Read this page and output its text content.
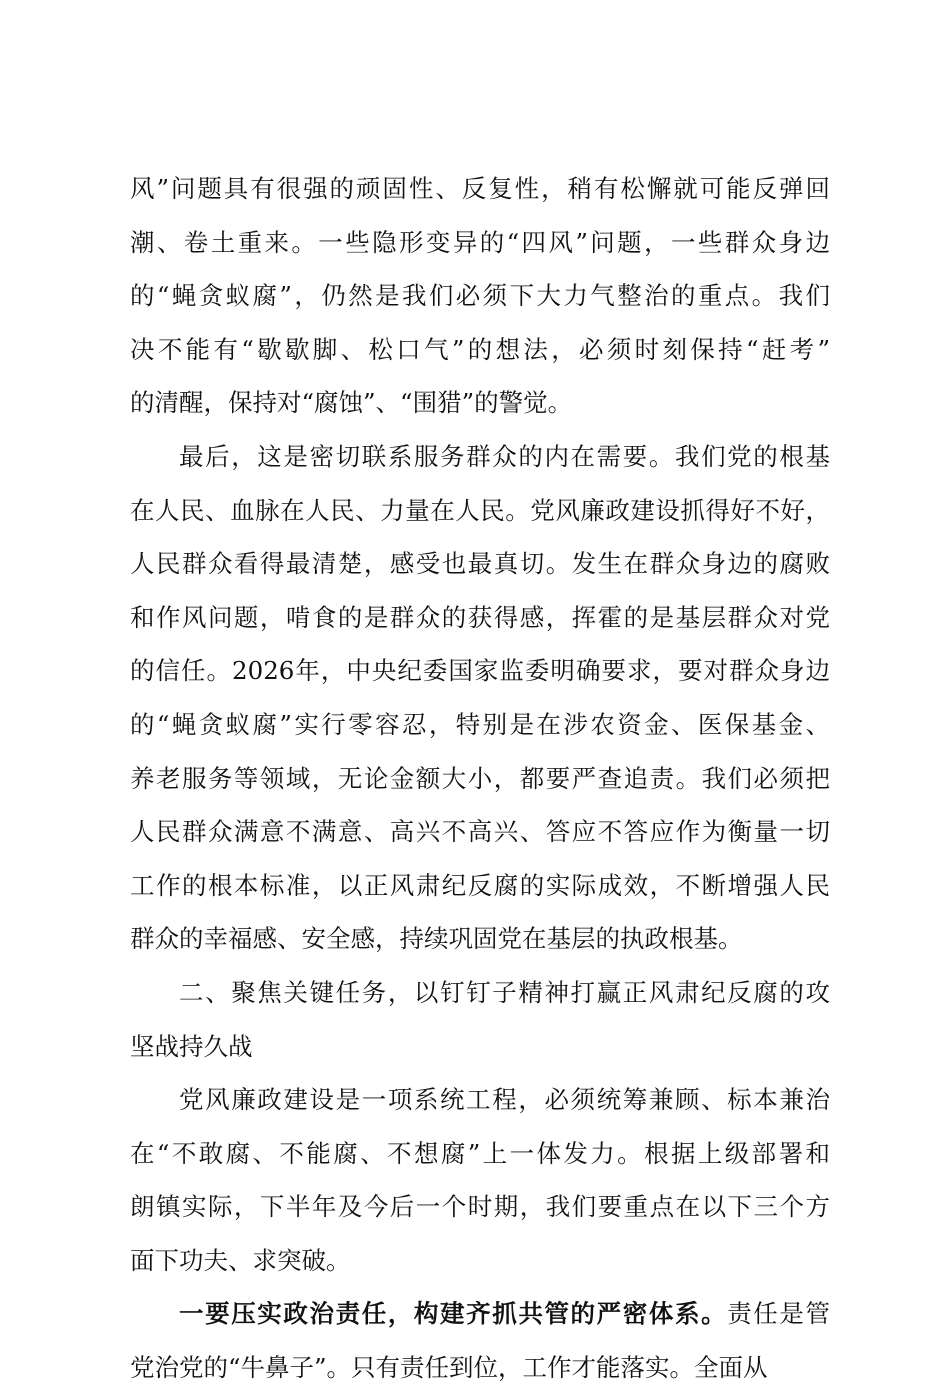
风”问题具有很强的顽固性、反复性，稍有松懈就可能反弹回
潮、卷土重来。一些隐形变异的“四风”问题，一些群众身边
的“蝇贪蚁腐”，仍然是我们必须下大力气整治的重点。我们
决不能有“歇歇脚、松口气”的想法，必须时刻保持“赶考”
的清醒，保持对“腐蚀”、“围猎”的警觉。
最后，这是密切联系服务群众的内在需要。我们党的根基
在人民、血脉在人民、力量在人民。党风廉政建设抓得好不好，
人民群众看得最清楚，感受也最真切。发生在群众身边的腐败
和作风问题，啃食的是群众的获得感，挥霍的是基层群众对党
的信任。2026年，中央纪委国家监委明确要求，要对群众身边
的“蝇贪蚁腐”实行零容忍，特别是在涉农资金、医保基金、
养老服务等领域，无论金额大小，都要严查追责。我们必须把
人民群众满意不满意、高兴不高兴、答应不答应作为衡量一切
工作的根本标准，以正风肃纪反腐的实际成效，不断增强人民
群众的幸福感、安全感，持续巩固党在基层的执政根基。
二、聚焦关键任务，以钉钉子精神打赢正风肃纪反腐的攻
坚战持久战
党风廉政建设是一项系统工程，必须统筹兼顾、标本兼治
在“不敢腐、不能腐、不想腐”上一体发力。根据上级部署和
朗镇实际，下半年及今后一个时期，我们要重点在以下三个方
面下功夫、求突破。
一要压实政治责任，构建齐抓共管的严密体系。责任是管
党治党的“牛鼻子”。只有责任到位，工作才能落实。全面从
